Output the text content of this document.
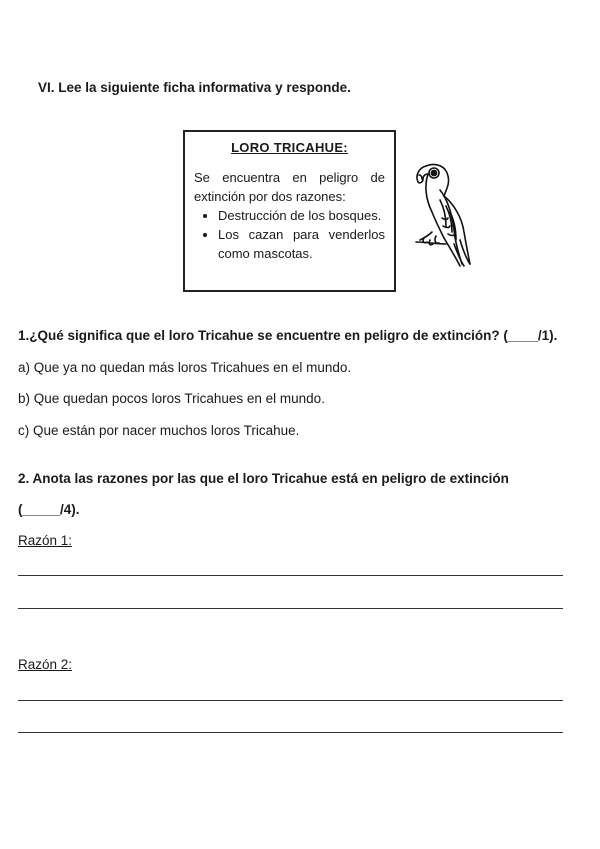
VI. Lee la siguiente ficha informativa y responde.
LORO TRICAHUE:
Se encuentra en peligro de extinción por dos razones:
• Destrucción de los bosques.
• Los cazan para venderlos como mascotas.
1.¿Qué significa que el loro Tricahue se encuentre en peligro de extinción? (____/1).
a) Que ya no quedan más loros Tricahues en el mundo.
b) Que quedan pocos loros Tricahues en el mundo.
c) Que están por nacer muchos loros Tricahue.
2. Anota las razones por las que el loro Tricahue está en peligro de extinción
(_____/4).
Razón 1:
Razón 2:
